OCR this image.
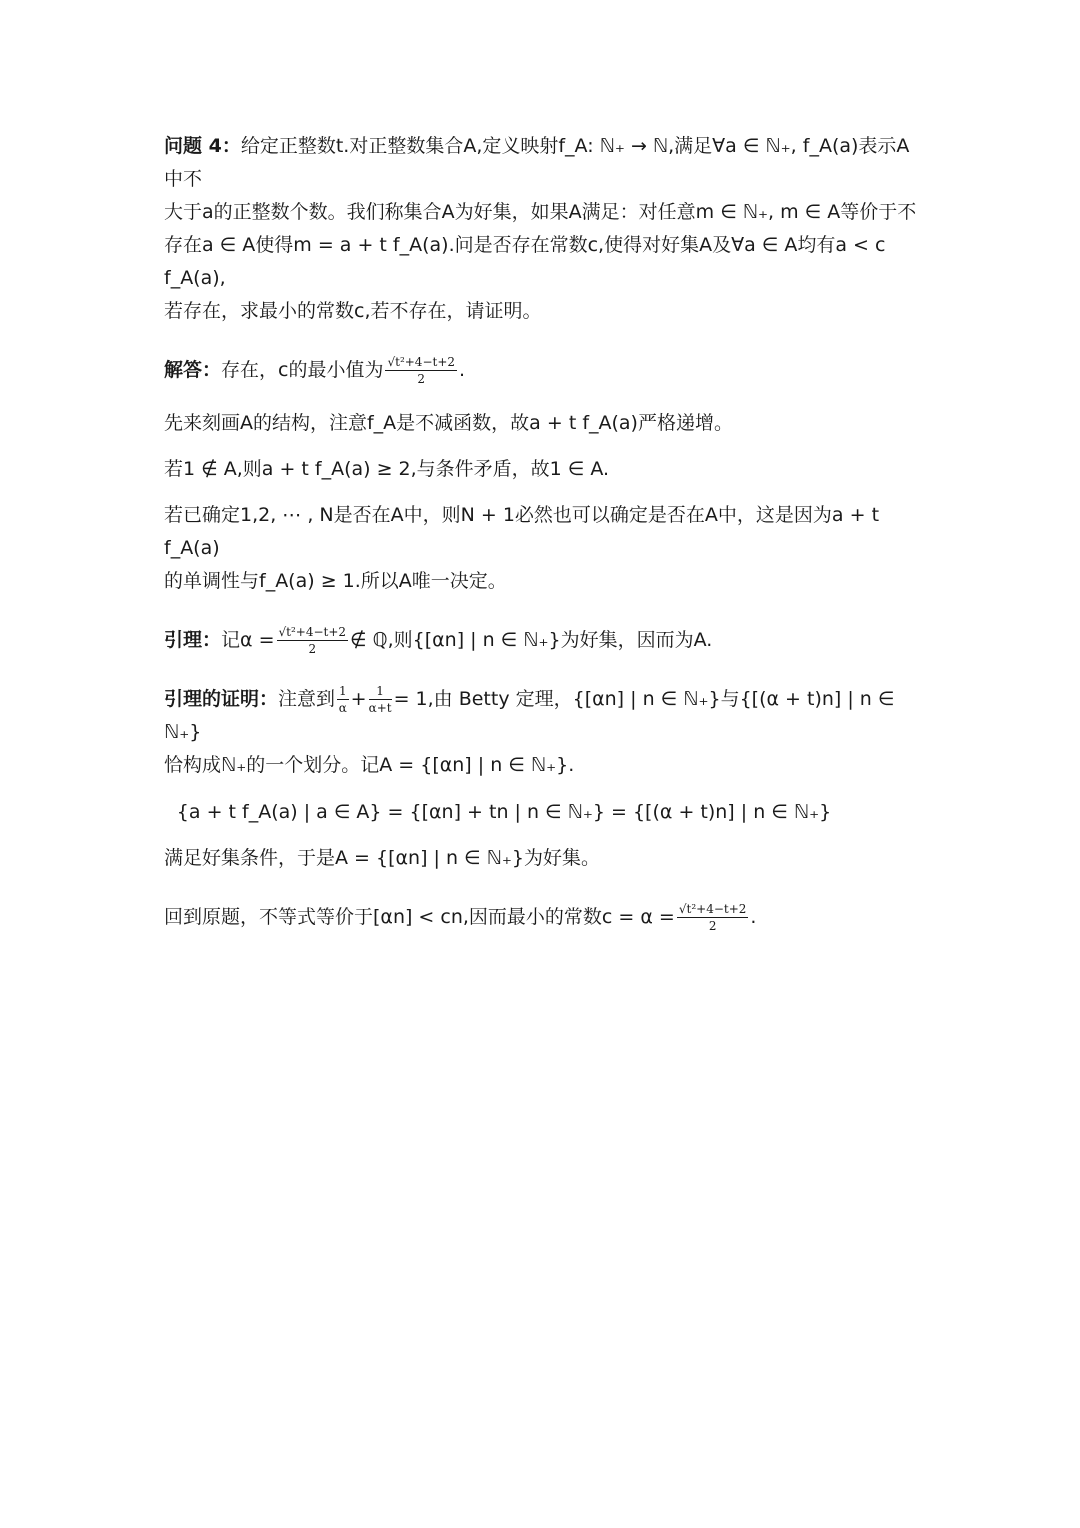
问题 4：给定正整数t.对正整数集合A,定义映射f_A: ℕ₊ → ℕ,满足∀a ∈ ℕ₊, f_A(a)表示A中不
大于a的正整数个数。我们称集合A为好集，如果A满足：对任意m ∈ ℕ₊, m ∈ A等价于不
存在a ∈ A使得m = a + t f_A(a).问是否存在常数c,使得对好集A及∀a ∈ A均有a < c f_A(a),
若存在，求最小的常数c,若不存在，请证明。

解答：存在，c的最小值为 $\frac{\text{√t²+4−t+2}}{2}$ .

先来刻画A的结构，注意f_A是不减函数，故a + t f_A(a)严格递增。

若1 ∉ A,则a + t f_A(a) ≥ 2,与条件矛盾，故1 ∈ A.

若已确定1,2, ⋯ , N是否在A中，则N + 1必然也可以确定是否在A中，这是因为a + t f_A(a)
的单调性与f_A(a) ≥ 1.所以A唯一决定。

引理：记$\alpha = \frac{\text{√t²+4−t+2}}{2}$ ∉ ℚ,则{[αn] | n ∈ ℕ₊}为好集，因而为A.

引理的证明：注意到 $\frac{1}{\alpha} + \frac{1}{\alpha+t} = 1$,由 Betty 定理，{[αn] | n ∈ ℕ₊}与{[(α + t)n] | n ∈ ℕ₊}
恰构成ℕ₊的一个划分。记A = {[αn] | n ∈ ℕ₊}.

{a + t f_A(a) | a ∈ A} = {[αn] + tn | n ∈ ℕ₊} = {[(α + t)n] | n ∈ ℕ₊}

满足好集条件，于是A = {[αn] | n ∈ ℕ₊}为好集。

回到原题，不等式等价于[αn] < cn,因而最小的常数$c = \alpha = \frac{\text{√t²+4−t+2}}{2}$ .
